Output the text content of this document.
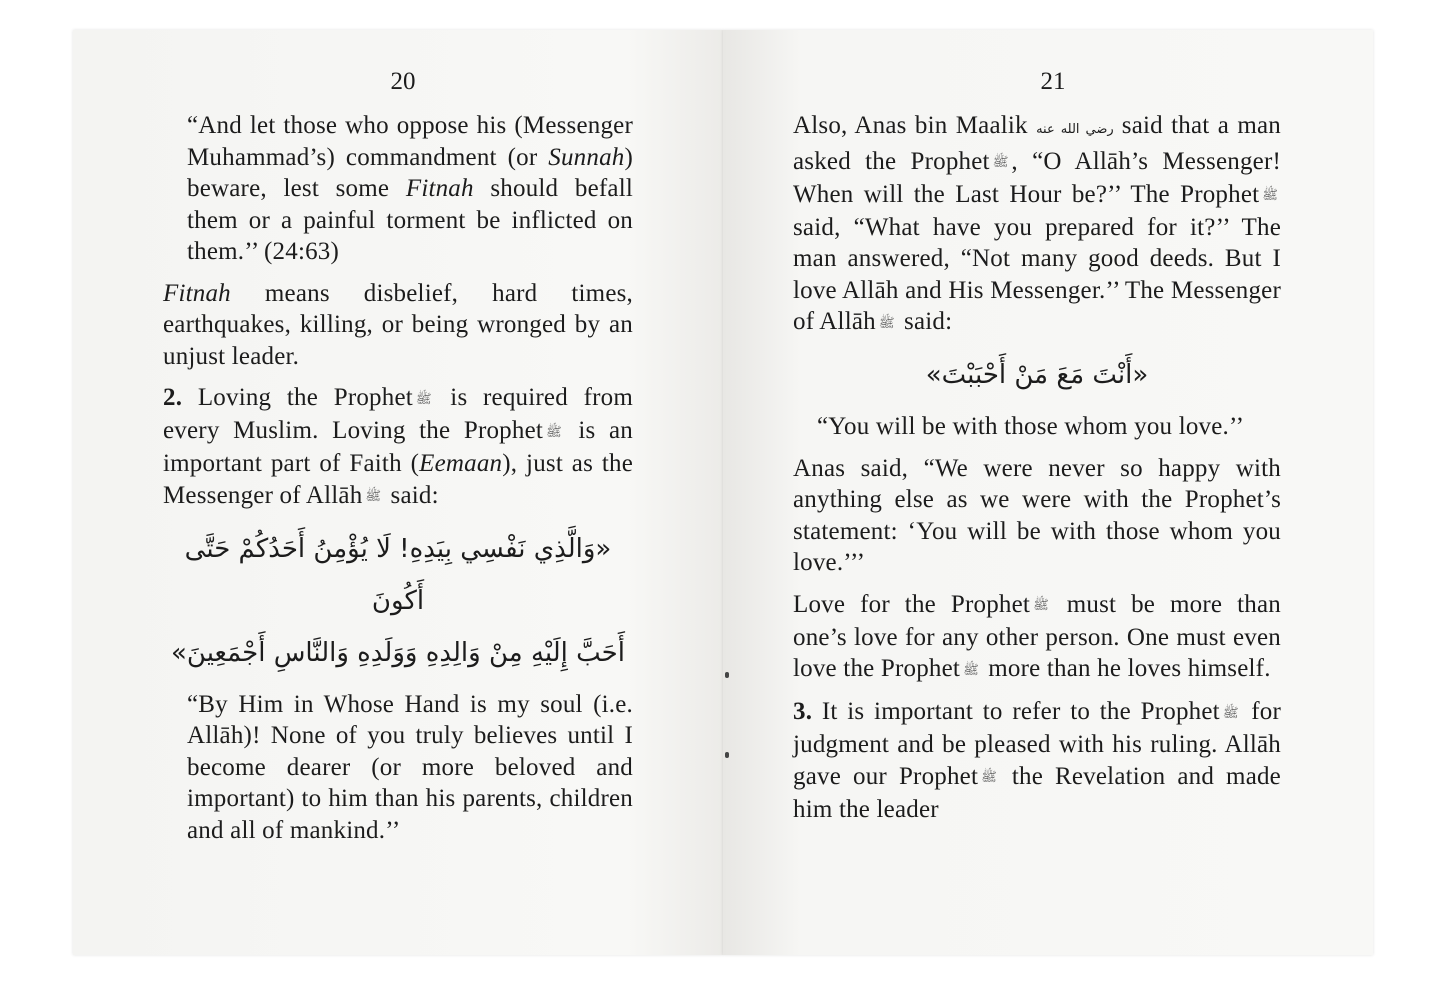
20

“And let those who oppose his (Messenger Muhammad’s) commandment (or Sunnah) beware, lest some Fitnah should befall them or a painful torment be inflicted on them.’’ (24:63)

Fitnah means disbelief, hard times, earthquakes, killing, or being wronged by an unjust leader.

2. Loving the Prophet ﷺ is required from every Muslim. Loving the Prophet ﷺ is an important part of Faith (Eemaan), just as the Messenger of Allāh ﷺ said:

«وَالَّذِي نَفْسِي بِيَدِهِ! لَا يُؤْمِنُ أَحَدُكُمْ حَتَّى أَكُونَ
أَحَبَّ إِلَيْهِ مِنْ وَالِدِهِ وَوَلَدِهِ وَالنَّاسِ أَجْمَعِينَ»

“By Him in Whose Hand is my soul (i.e. Allāh)! None of you truly believes until I become dearer (or more beloved and important) to him than his parents, children and all of mankind.’’

21

Also, Anas bin Maalik رضي الله عنه said that a man asked the Prophet ﷺ , “O Allāh’s Messenger! When will the Last Hour be?’’ The Prophet ﷺ said, “What have you prepared for it?’’ The man answered, “Not many good deeds. But I love Allāh and His Messenger.’’ The Messenger of Allāh ﷺ said:

«أَنْتَ مَعَ مَنْ أَحْبَبْتَ»

“You will be with those whom you love.’’

Anas said, “We were never so happy with anything else as we were with the Prophet’s statement: ‘You will be with those whom you love.’’’

Love for the Prophet ﷺ must be more than one’s love for any other person. One must even love the Prophet ﷺ more than he loves himself.

3. It is important to refer to the Prophet ﷺ for judgment and be pleased with his ruling. Allāh gave our Prophet ﷺ the Revelation and made him the leader
